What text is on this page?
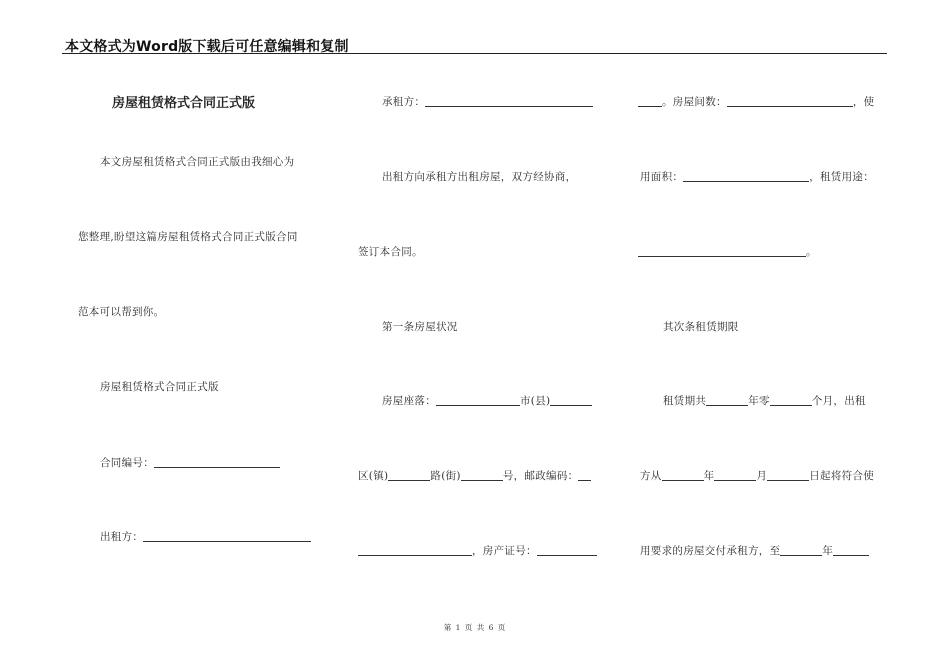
本文格式为Word版下载后可任意编辑和复制
房屋租赁格式合同正式版
本文房屋租赁格式合同正式版由我细心为
您整理,盼望这篇房屋租赁格式合同正式版合同
范本可以帮到你。
房屋租赁格式合同正式版
合同编号：
出租方：
承租方：
出租方向承租方出租房屋，双方经协商，
签订本合同。
第一条房屋状况
房屋座落：	市(县)
区(镇)	路(街)	号，邮政编码：
，房产证号：
。房屋间数：	，使
用面积：	，租赁用途：
。
其次条租赁期限
租赁期共	年零	个月，出租
方从	年	月	日起将符合使
用要求的房屋交付承租方，至	年
第 1 页 共 6 页
